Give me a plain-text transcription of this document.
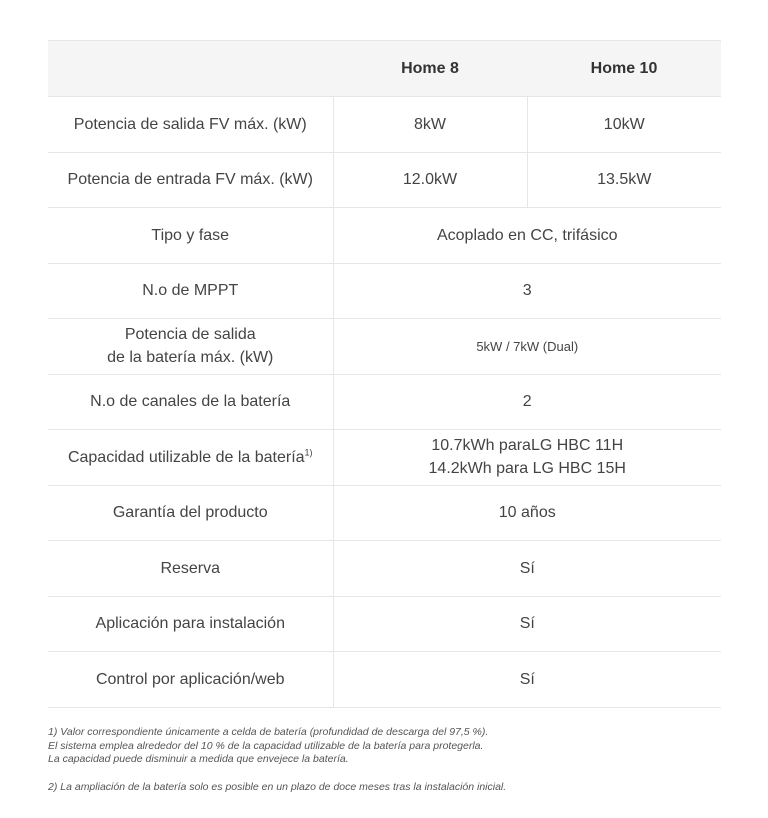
	Home 8	Home 10
Potencia de salida FV máx. (kW)	8kW	10kW
Potencia de entrada FV máx. (kW)	12.0kW	13.5kW
Tipo y fase	Acoplado en CC, trifásico	
N.o de MPPT	3	

Potencia de salida
de la batería máx. (kW)	5kW / 7kW (Dual)	
N.o de canales de la batería	2	
Capacidad utilizable de la batería$^{1)}$	10.7kWh paraLG HBC 11H
14.2kWh para LG HBC 15H	

Garantía del producto	10 años	
Reserva	Sí	
Aplicación para instalación	Sí	
Control por aplicación/web	Sí	

1) Valor correspondiente únicamente a celda de batería (profundidad de descarga del 97,5 %).

El sistema emplea alrededor del 10 % de la capacidad utilizable de la batería para protegerla.

La capacidad puede disminuir a medida que envejece la batería.

2) La ampliación de la batería solo es posible en un plazo de doce meses tras la instalación inicial.
